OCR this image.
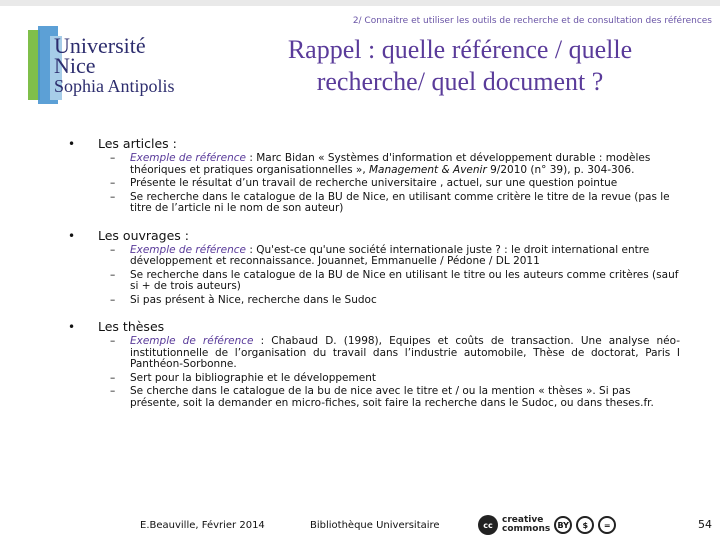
2/ Connaitre et utiliser les outils de recherche et de consultation des références
Université
Nice
Sophia Antipolis
Rappel : quelle référence / quelle
recherche/ quel document ?
• Les articles :
– Exemple de référence : Marc Bidan « Systèmes d'information et développement durable : modèles théoriques et pratiques organisationnelles », Management & Avenir 9/2010 (n° 39), p. 304-306.
– Présente le résultat d’un travail de recherche universitaire , actuel, sur une question pointue
– Se recherche dans le catalogue de la BU de Nice, en utilisant comme critère le titre de la revue (pas le titre de l’article ni le nom de son auteur)
• Les ouvrages :
– Exemple de référence : Qu'est-ce qu'une société internationale juste ? : le droit international entre développement et reconnaissance. Jouannet, Emmanuelle / Pédone / DL 2011
– Se recherche dans le catalogue de la BU de Nice en utilisant le titre ou les auteurs comme critères (sauf si + de trois auteurs)
– Si pas présent à Nice, recherche dans le Sudoc
• Les thèses
– Exemple de référence : Chabaud D. (1998), Equipes et coûts de transaction. Une analyse néo-institutionnelle de l’organisation du travail dans l’industrie automobile, Thèse de doctorat, Paris I Panthéon-Sorbonne.
– Sert pour la bibliographie et le développement
– Se cherche dans le catalogue de la bu de nice avec le titre et / ou la mention « thèses ». Si pas présente, soit la demander en micro-fiches, soit faire la recherche dans le Sudoc, ou dans theses.fr.
E.Beauville, Février 2014	Bibliothèque Universitaire	cc	creative
commons BY	$	=	54
